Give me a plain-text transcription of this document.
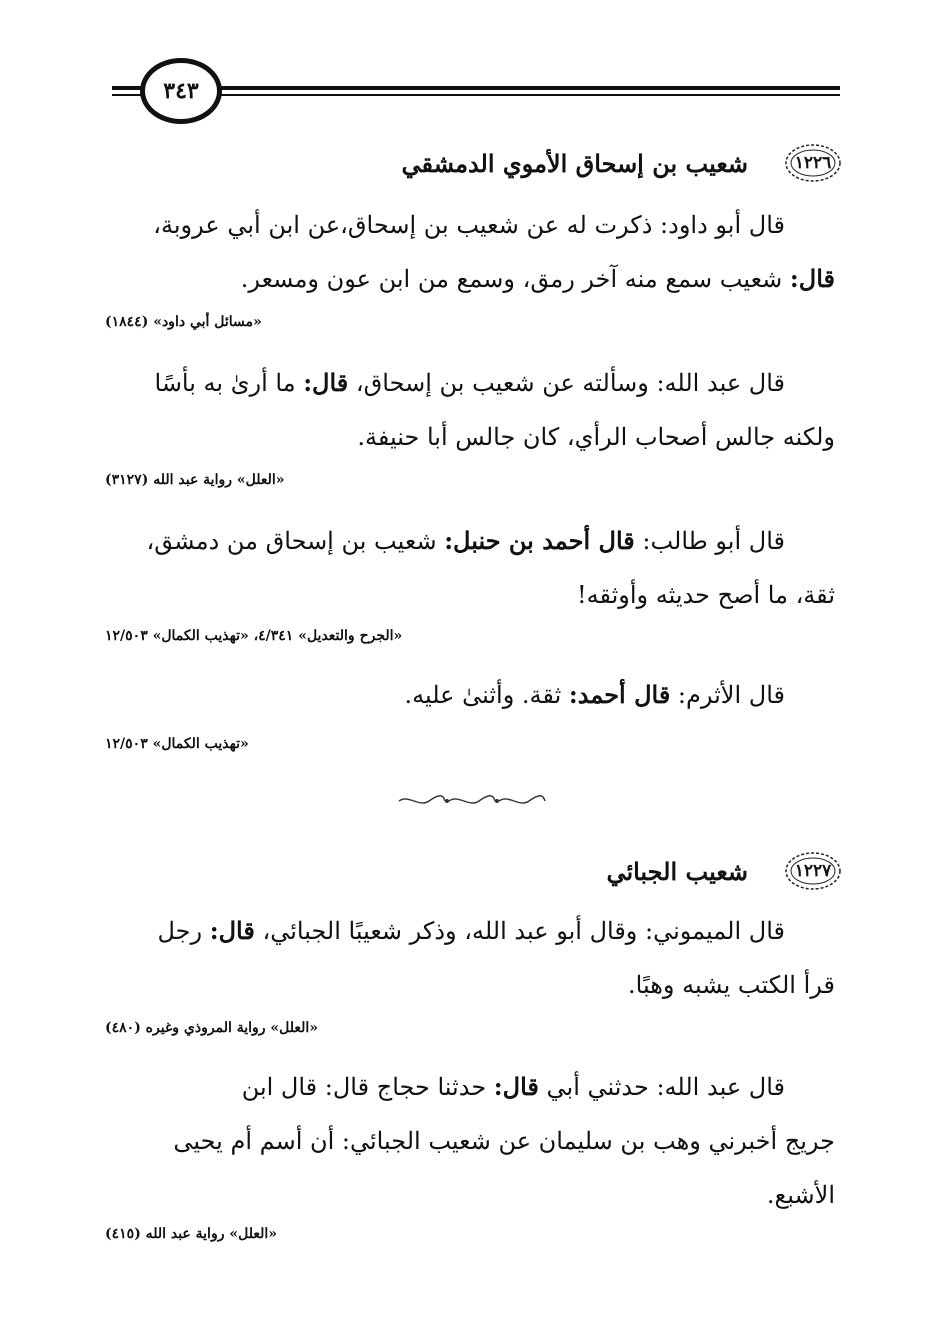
٣٤٣
١٢٢٦
شعيب بن إسحاق الأموي الدمشقي
قال أبو داود: ذكرت له عن شعيب بن إسحاق،عن ابن أبي عروبة،
قال: شعيب سمع منه آخر رمق، وسمع من ابن عون ومسعر.
«مسائل أبي داود» (١٨٤٤)
قال عبد الله: وسألته عن شعيب بن إسحاق، قال: ما أرىٰ به بأسًا
ولكنه جالس أصحاب الرأي، كان جالس أبا حنيفة.
«العلل» رواية عبد الله (٣١٢٧)
قال أبو طالب: قال أحمد بن حنبل: شعيب بن إسحاق من دمشق،
ثقة، ما أصح حديثه وأوثقه!
«الجرح والتعديل» ٤/٣٤١، «تهذيب الكمال» ١٢/٥٠٣
قال الأثرم: قال أحمد: ثقة. وأثنىٰ عليه.
«تهذيب الكمال» ١٢/٥٠٣
١٢٢٧
شعيب الجبائي
قال الميموني: وقال أبو عبد الله، وذكر شعيبًا الجبائي، قال: رجل
قرأ الكتب يشبه وهبًا.
«العلل» رواية المروذي وغيره (٤٨٠)
قال عبد الله: حدثني أبي قال: حدثنا حجاج قال: قال ابن
جريج أخبرني وهب بن سليمان عن شعيب الجبائي: أن أسم أم يحيى
الأشبع.
«العلل» رواية عبد الله (٤١٥)
